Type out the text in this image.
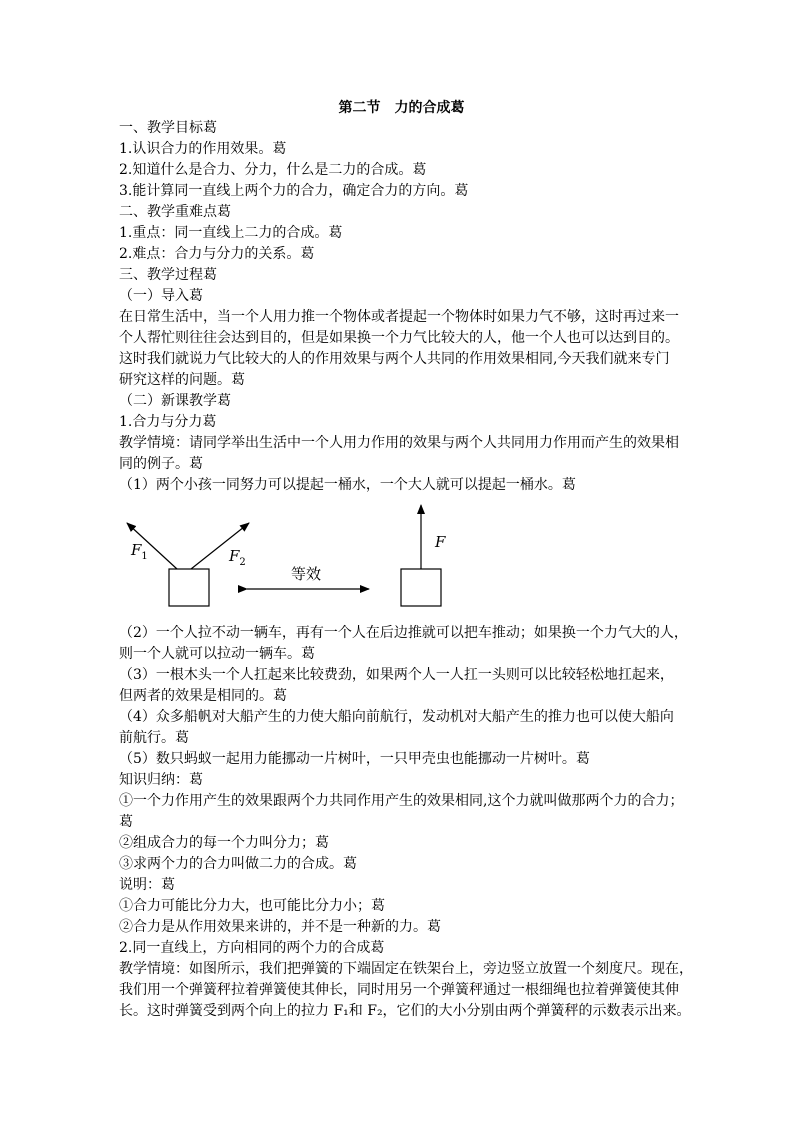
第二节　力的合成葛
一、教学目标葛
1.认识合力的作用效果。葛
2.知道什么是合力、分力，什么是二力的合成。葛
3.能计算同一直线上两个力的合力，确定合力的方向。葛
二、教学重难点葛
1.重点：同一直线上二力的合成。葛
2.难点：合力与分力的关系。葛
三、教学过程葛
（一）导入葛
在日常生活中，当一个人用力推一个物体或者提起一个物体时如果力气不够，这时再过来一
个人帮忙则往往会达到目的，但是如果换一个力气比较大的人，他一个人也可以达到目的。
这时我们就说力气比较大的人的作用效果与两个人共同的作用效果相同,今天我们就来专门
研究这样的问题。葛
（二）新课教学葛
1.合力与分力葛
教学情境：请同学举出生活中一个人用力作用的效果与两个人共同用力作用而产生的效果相
同的例子。葛
（1）两个小孩一同努力可以提起一桶水，一个大人就可以提起一桶水。葛
$F_1$	$F_2$
等效
F
（2）一个人拉不动一辆车，再有一个人在后边推就可以把车推动；如果换一个力气大的人，
则一个人就可以拉动一辆车。葛
（3）一根木头一个人扛起来比较费劲，如果两个人一人扛一头则可以比较轻松地扛起来，
但两者的效果是相同的。葛
（4）众多船帆对大船产生的力使大船向前航行，发动机对大船产生的推力也可以使大船向
前航行。葛
（5）数只蚂蚁一起用力能挪动一片树叶，一只甲壳虫也能挪动一片树叶。葛
知识归纳：葛
①一个力作用产生的效果跟两个力共同作用产生的效果相同,这个力就叫做那两个力的合力；
葛
②组成合力的每一个力叫分力；葛
③求两个力的合力叫做二力的合成。葛
说明：葛
①合力可能比分力大，也可能比分力小；葛
②合力是从作用效果来讲的，并不是一种新的力。葛
2.同一直线上，方向相同的两个力的合成葛
教学情境：如图所示，我们把弹簧的下端固定在铁架台上，旁边竖立放置一个刻度尺。现在，
我们用一个弹簧秤拉着弹簧使其伸长，同时用另一个弹簧秤通过一根细绳也拉着弹簧使其伸
长。这时弹簧受到两个向上的拉力 F₁和 F₂，它们的大小分别由两个弹簧秤的示数表示出来。
